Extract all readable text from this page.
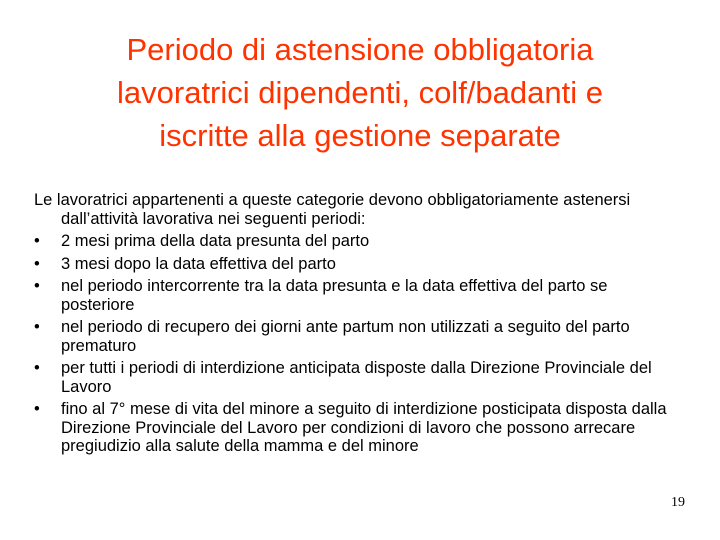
Periodo di astensione obbligatoria
lavoratrici dipendenti, colf/badanti e
iscritte alla gestione separate
Le lavoratrici appartenenti a queste categorie devono obbligatoriamente astenersi dall’attività lavorativa nei seguenti periodi:
• 2 mesi prima della data presunta del parto
• 3 mesi dopo la data effettiva del parto
• nel periodo intercorrente tra la data presunta e la data effettiva del parto se posteriore
• nel periodo di recupero dei giorni ante partum non utilizzati a seguito del parto prematuro
• per tutti i periodi di interdizione anticipata disposte dalla Direzione Provinciale del Lavoro
• fino al 7° mese di vita del minore a seguito di interdizione posticipata disposta dalla Direzione Provinciale del Lavoro per condizioni di lavoro che possono arrecare pregiudizio alla salute della mamma e del minore
19
